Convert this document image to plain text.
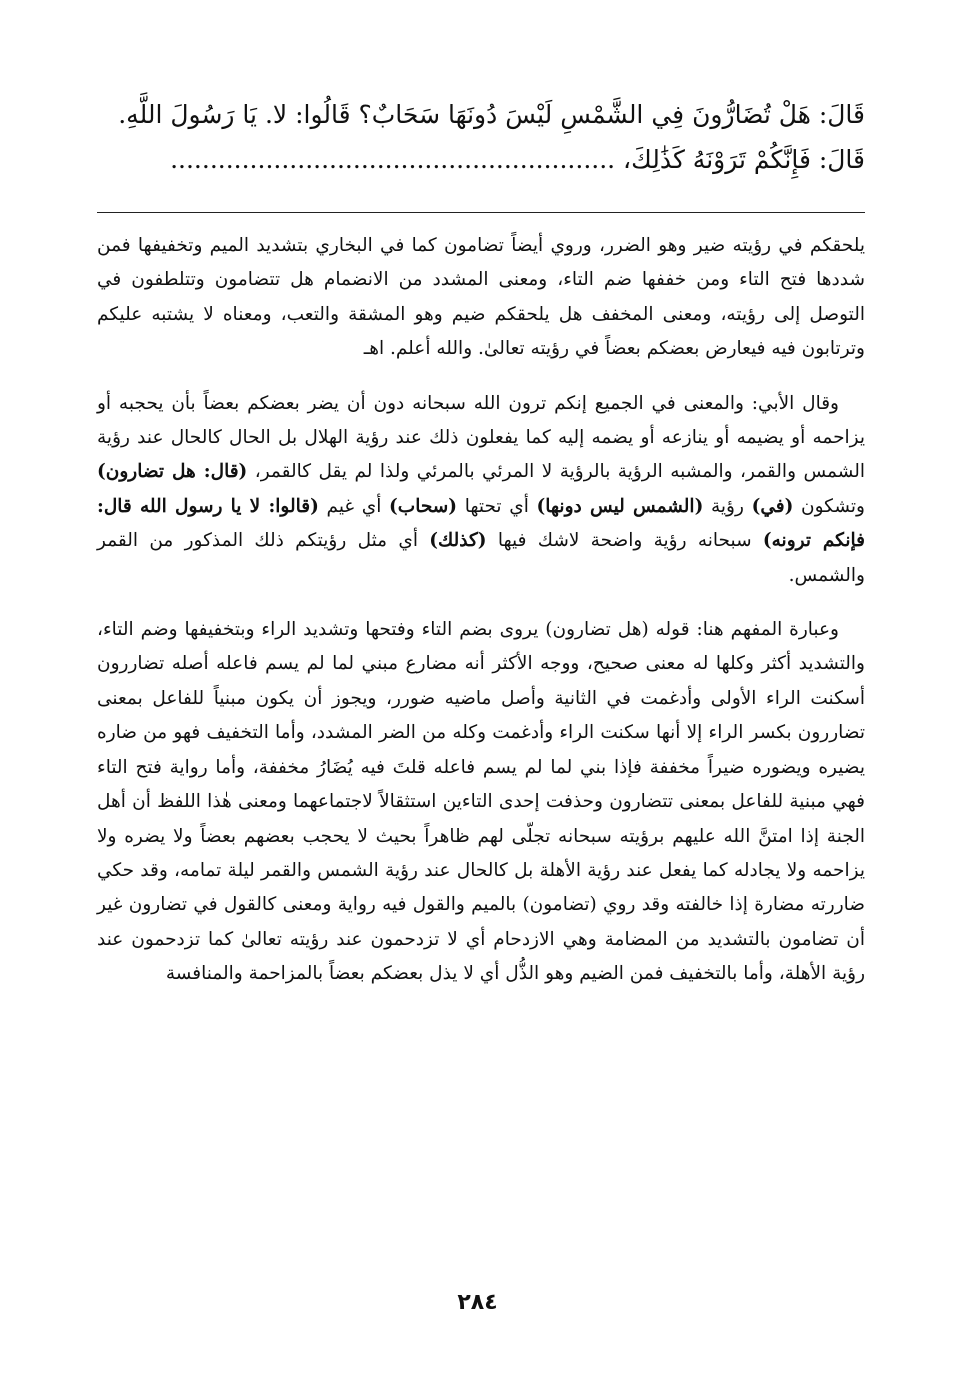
قَالَ: هَلْ تُضَارُّونَ فِي الشَّمْسِ لَيْسَ دُونَهَا سَحَابٌ؟ قَالُوا: لا. يَا رَسُولَ اللَّهِ.

قَالَ: فَإِنَّكُمْ تَرَوْنَهُ كَذَٰلِكَ، ........................................................

يلحقكم في رؤيته ضير وهو الضرر، وروي أيضاً تضامون كما في البخاري بتشديد الميم وتخفيفها فمن شددها فتح التاء ومن خففها ضم التاء، ومعنى المشدد من الانضمام هل تتضامون وتتلطفون في التوصل إلى رؤيته، ومعنى المخفف هل يلحقكم ضيم وهو المشقة والتعب، ومعناه لا يشتبه عليكم وترتابون فيه فيعارض بعضكم بعضاً في رؤيته تعالىٰ. والله أعلم. اهـ

وقال الأبي: والمعنى في الجميع إنكم ترون الله سبحانه دون أن يضر بعضكم بعضاً بأن يحجبه أو يزاحمه أو يضيمه أو ينازعه أو يضمه إليه كما يفعلون ذلك عند رؤية الهلال بل الحال كالحال عند رؤية الشمس والقمر، والمشبه الرؤية بالرؤية لا المرئي بالمرئي ولذا لم يقل كالقمر، (قال: هل تضارون) وتشكون (في) رؤية (الشمس ليس دونها) أي تحتها (سحاب) أي غيم (قالوا: لا يا رسول الله قال: فإنكم ترونه) سبحانه رؤية واضحة لاشك فيها (كذلك) أي مثل رؤيتكم ذلك المذكور من القمر والشمس.

وعبارة المفهم هنا: قوله (هل تضارون) يروى بضم التاء وفتحها وتشديد الراء وبتخفيفها وضم التاء، والتشديد أكثر وكلها له معنى صحيح، ووجه الأكثر أنه مضارع مبني لما لم يسم فاعله أصله تضاررون أسكنت الراء الأولى وأدغمت في الثانية وأصل ماضيه ضورر، ويجوز أن يكون مبنياً للفاعل بمعنى تضاررون بكسر الراء إلا أنها سكنت الراء وأدغمت وكله من الضر المشدد، وأما التخفيف فهو من ضاره يضيره ويضوره ضيراً مخففة فإذا بني لما لم يسم فاعله قلتَ فيه يُضَارُ مخففة، وأما رواية فتح التاء فهي مبنية للفاعل بمعنى تتضارون وحذفت إحدى التاءين استثقالاً لاجتماعهما ومعنى هٰذا اللفظ أن أهل الجنة إذا امتنَّ الله عليهم برؤيته سبحانه تجلّى لهم ظاهراً بحيث لا يحجب بعضهم بعضاً ولا يضره ولا يزاحمه ولا يجادله كما يفعل عند رؤية الأهلة بل كالحال عند رؤية الشمس والقمر ليلة تمامه، وقد حكي ضاررته مضارة إذا خالفته وقد روي (تضامون) بالميم والقول فيه رواية ومعنى كالقول في تضارون غير أن تضامون بالتشديد من المضامة وهي الازدحام أي لا تزدحمون عند رؤيته تعالىٰ كما تزدحمون عند رؤية الأهلة، وأما بالتخفيف فمن الضيم وهو الذُّل أي لا يذل بعضكم بعضاً بالمزاحمة والمنافسة

٢٨٤
